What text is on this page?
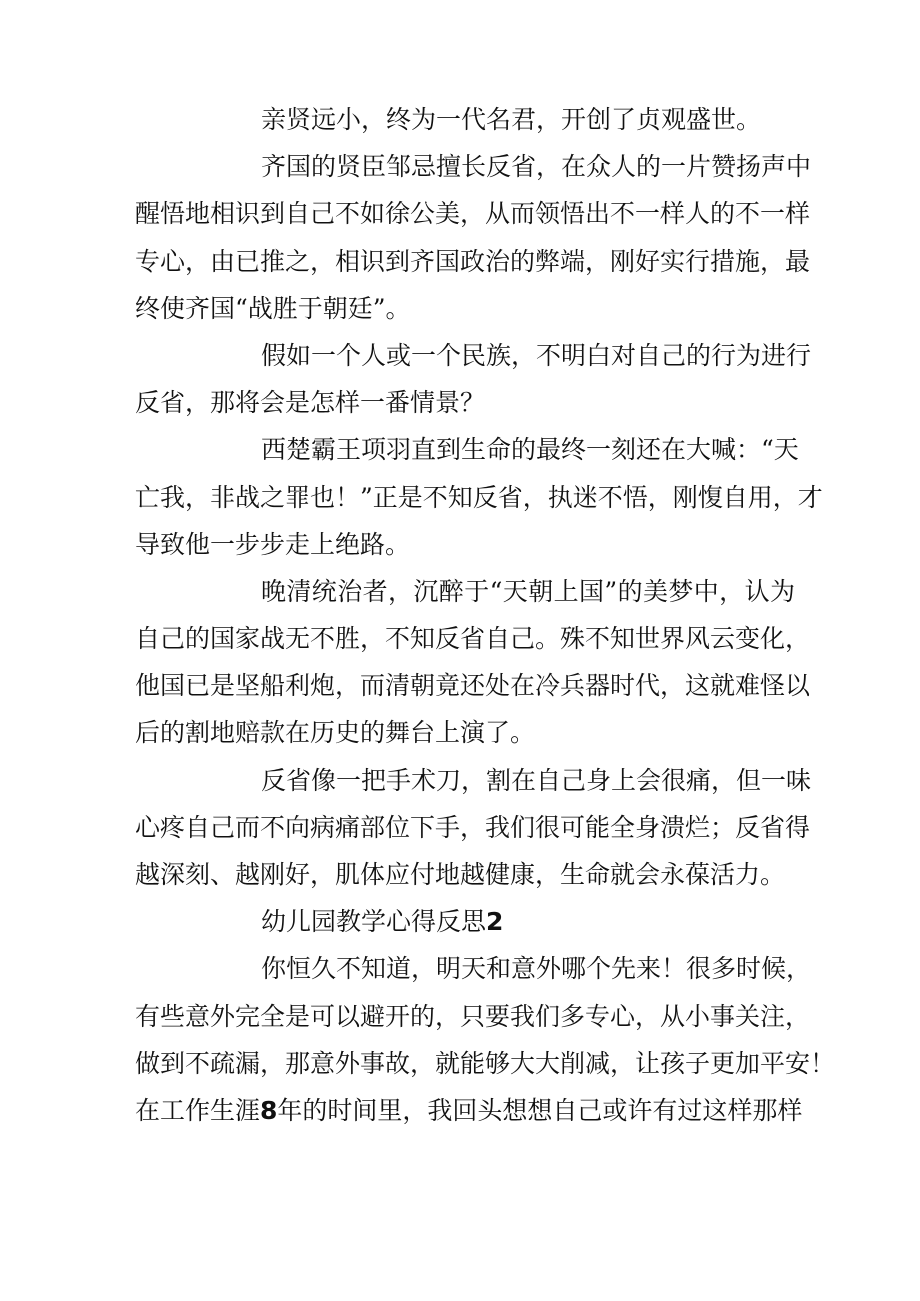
亲贤远小，终为一代名君，开创了贞观盛世。
齐国的贤臣邹忌擅长反省，在众人的一片赞扬声中
醒悟地相识到自己不如徐公美，从而领悟出不一样人的不一样
专心，由已推之，相识到齐国政治的弊端，刚好实行措施，最
终使齐国“战胜于朝廷”。
假如一个人或一个民族，不明白对自己的行为进行
反省，那将会是怎样一番情景？
西楚霸王项羽直到生命的最终一刻还在大喊：“天
亡我，非战之罪也！”正是不知反省，执迷不悟，刚愎自用，才
导致他一步步走上绝路。
晚清统治者，沉醉于“天朝上国”的美梦中，认为
自己的国家战无不胜，不知反省自己。殊不知世界风云变化，
他国已是坚船利炮，而清朝竟还处在冷兵器时代，这就难怪以
后的割地赔款在历史的舞台上演了。
反省像一把手术刀，割在自己身上会很痛，但一味
心疼自己而不向病痛部位下手，我们很可能全身溃烂；反省得
越深刻、越刚好，肌体应付地越健康，生命就会永葆活力。
幼儿园教学心得反思2
你恒久不知道，明天和意外哪个先来！很多时候，
有些意外完全是可以避开的，只要我们多专心，从小事关注，
做到不疏漏，那意外事故，就能够大大削减，让孩子更加平安！
在工作生涯8年的时间里，我回头想想自己或许有过这样那样
